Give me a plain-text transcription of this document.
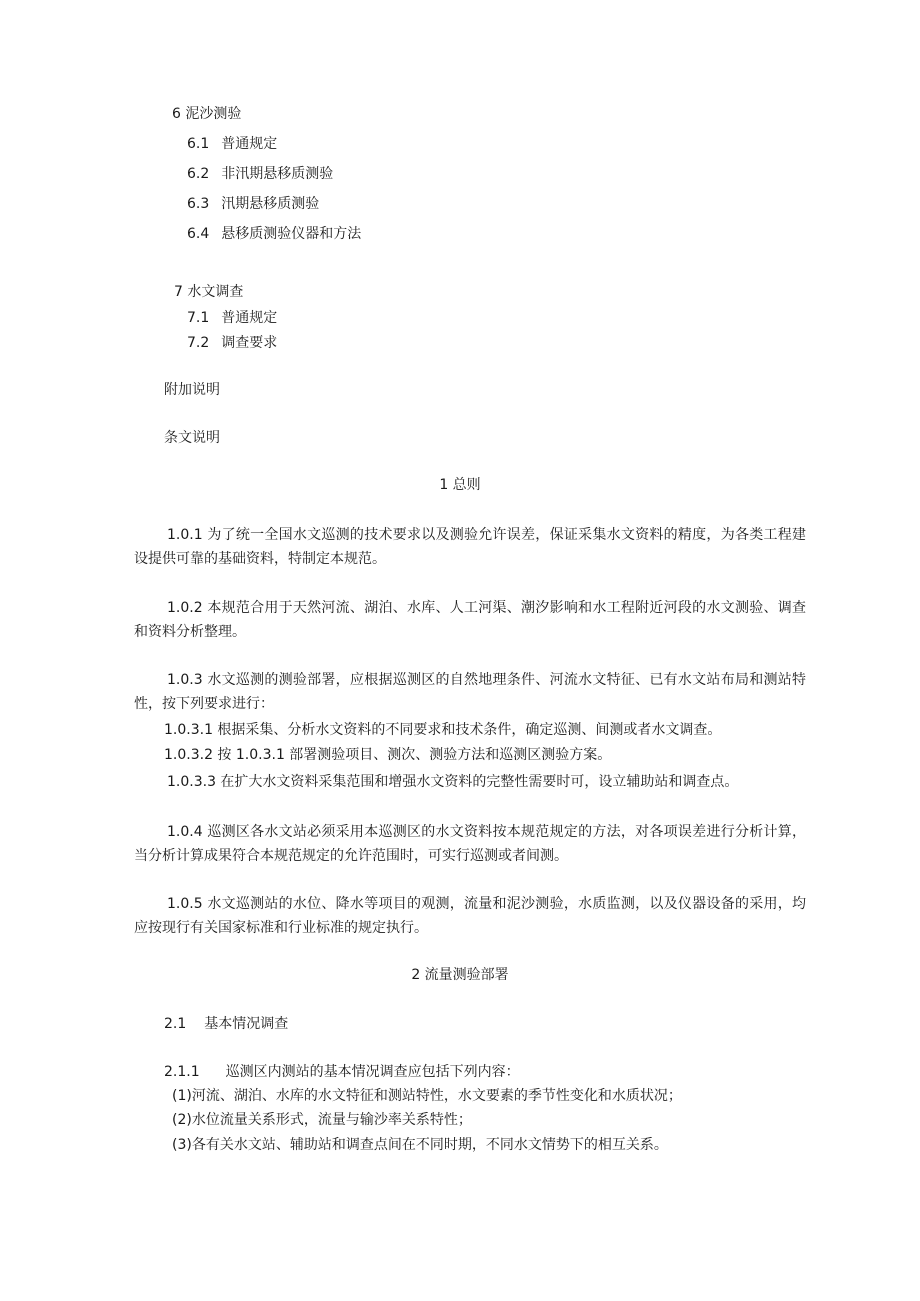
6 泥沙测验
6.1 普通规定
6.2 非汛期悬移质测验
6.3 汛期悬移质测验
6.4 悬移质测验仪器和方法
7 水文调查
7.1 普通规定
7.2 调查要求
附加说明
条文说明
1 总则
1.0.1 为了统一全国水文巡测的技术要求以及测验允许误差，保证采集水文资料的精度，为各类工程建设提供可靠的基础资料，特制定本规范。
1.0.2 本规范合用于天然河流、湖泊、水库、人工河渠、潮汐影响和水工程附近河段的水文测验、调查和资料分析整理。
1.0.3 水文巡测的测验部署，应根据巡测区的自然地理条件、河流水文特征、已有水文站布局和测站特性，按下列要求进行：
1.0.3.1 根据采集、分析水文资料的不同要求和技术条件，确定巡测、间测或者水文调查。
1.0.3.2 按 1.0.3.1 部署测验项目、测次、测验方法和巡测区测验方案。
1.0.3.3 在扩大水文资料采集范围和增强水文资料的完整性需要时可，设立辅助站和调查点。
1.0.4 巡测区各水文站必须采用本巡测区的水文资料按本规范规定的方法，对各项误差进行分析计算，当分析计算成果符合本规范规定的允许范围时，可实行巡测或者间测。
1.0.5 水文巡测站的水位、降水等项目的观测，流量和泥沙测验，水质监测，以及仪器设备的采用，均应按现行有关国家标准和行业标准的规定执行。
2 流量测验部署
2.1 基本情况调查
2.1.1 巡测区内测站的基本情况调查应包括下列内容：
(1)河流、湖泊、水库的水文特征和测站特性，水文要素的季节性变化和水质状况；
(2)水位流量关系形式，流量与输沙率关系特性；
(3)各有关水文站、辅助站和调查点间在不同时期，不同水文情势下的相互关系。
